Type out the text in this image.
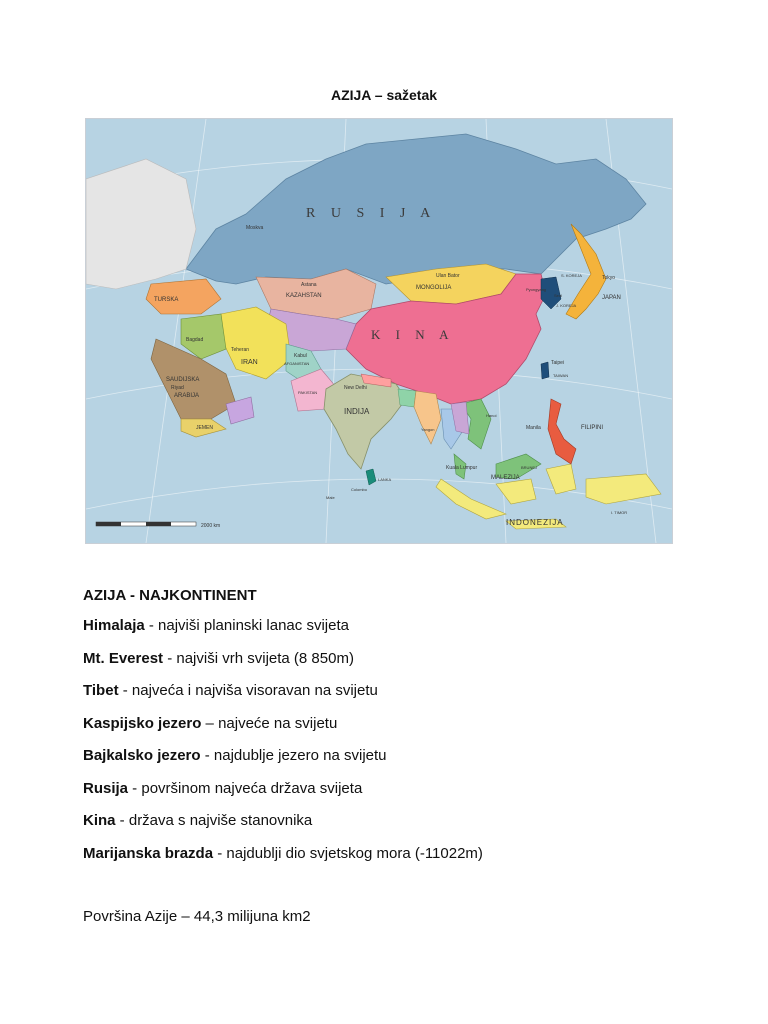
AZIJA – sažetak
R U S I J A
K I N A
INDIJA
INDONEZIJA
MONGOLIJA
Ulan Bator
KAZAHSTAN
Astana
IRAN
Teheran
JAPAN
Tokyo
FILIPINI
Manila
MALEZIJA
Kuala Lumpur	BRUNEJ
I. TIMOR
TURSKA
SAUDIJSKA
ARABIJA
Riyad
Bagdad
JEMEN
AFGANISTAN
Kabul
PAKISTAN
New Delhi
TAIWAN
Taipei
LANKA
Colombo
Male
S. KOREJA
Pyongyang
Seul
J. KOREJA
Hanoi
Yangon
Moskva
2000 km

AZIJA - NAJKONTINENT

Himalaja - najviši planinski lanac svijeta

Mt. Everest - najviši vrh svijeta (8 850m)

Tibet - najveća i najviša visoravan na svijetu

Kaspijsko jezero – najveće na svijetu

Bajkalsko jezero - najdublje jezero na svijetu

Rusija - površinom najveća država svijeta

Kina - država s najviše stanovnika

Marijanska brazda - najdublji dio svjetskog mora (-11022m)

Površina Azije – 44,3 milijuna km2
